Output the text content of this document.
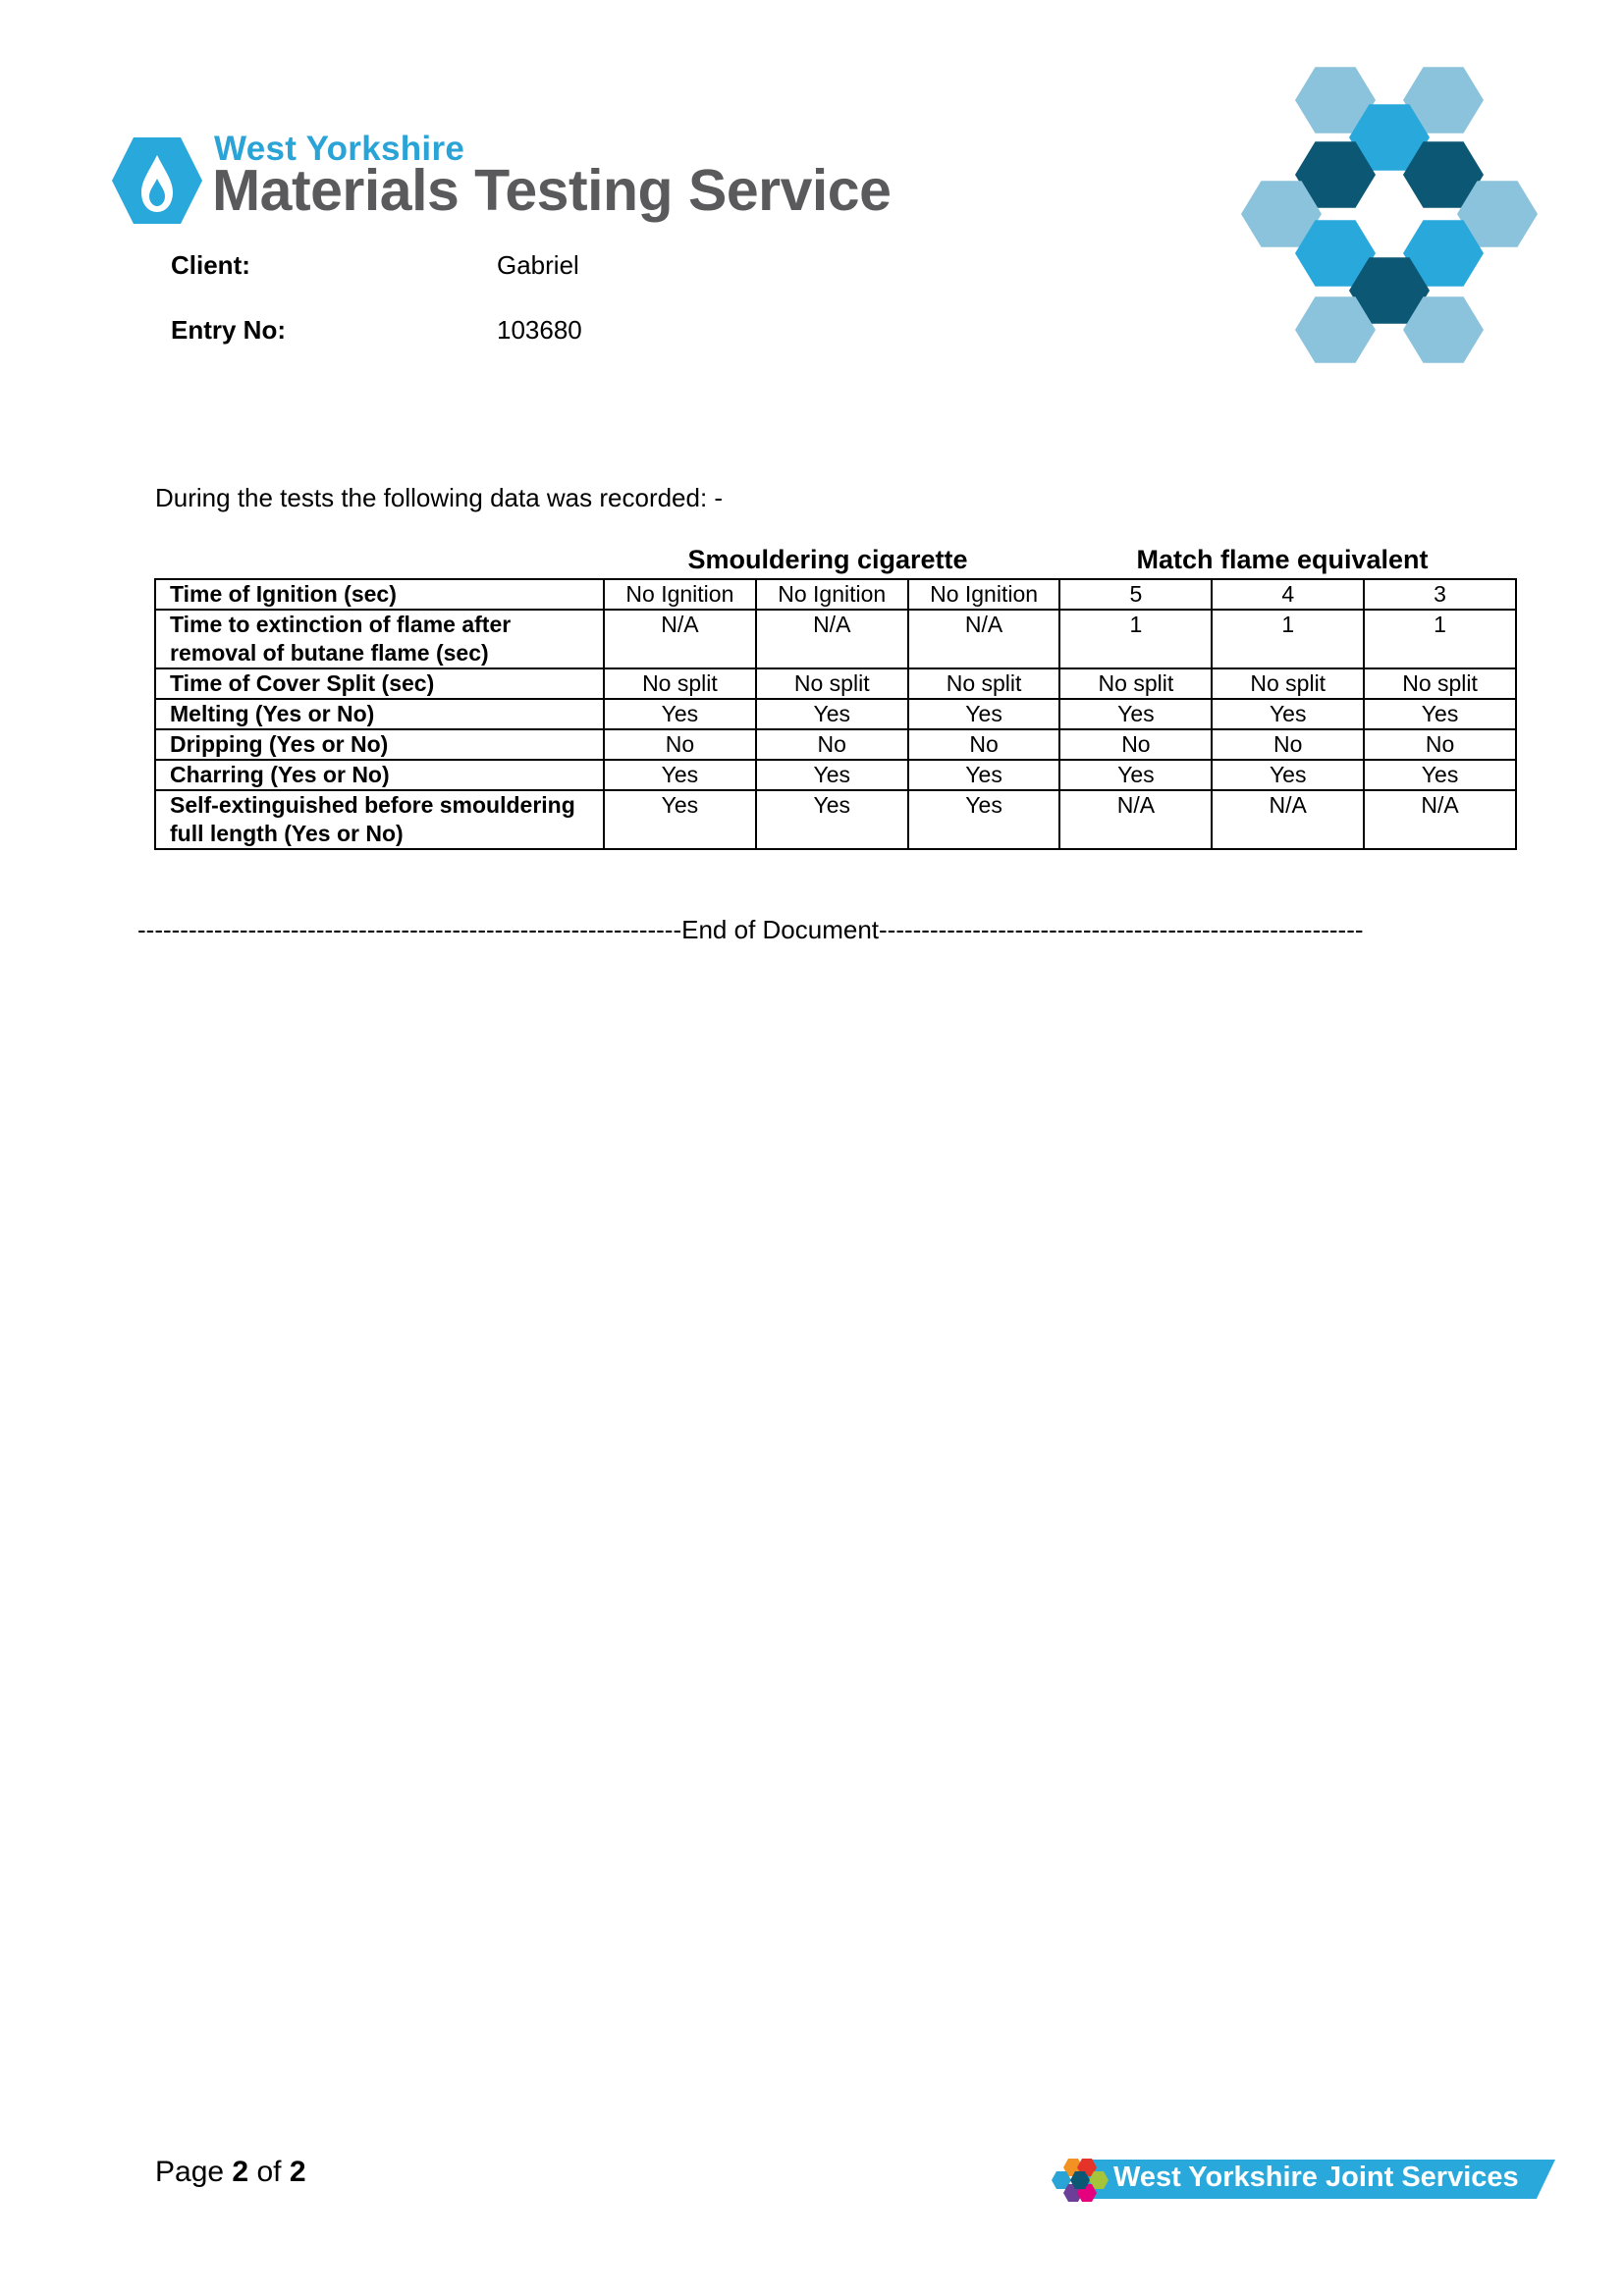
West Yorkshire
Materials Testing Service
Client:	Gabriel
Entry No:	103680
During the tests the following data was recorded: -
Smouldering cigarette	Match flame equivalent
Time of Ignition (sec)	No Ignition	No Ignition	No Ignition	5	4	3
Time to extinction of flame after removal of butane flame (sec)	N/A	N/A	N/A	1	1	1
Time of Cover Split (sec)	No split	No split	No split	No split	No split	No split
Melting (Yes or No)	Yes	Yes	Yes	Yes	Yes	Yes
Dripping (Yes or No)	No	No	No	No	No	No
Charring (Yes or No)	Yes	Yes	Yes	Yes	Yes	Yes
Self-extinguished before smouldering full length (Yes or No)	Yes	Yes	Yes	N/A	N/A	N/A
----------------------------------------------------------------End of Document---------------------------------------------------------
Page 2 of 2	West Yorkshire Joint Services
